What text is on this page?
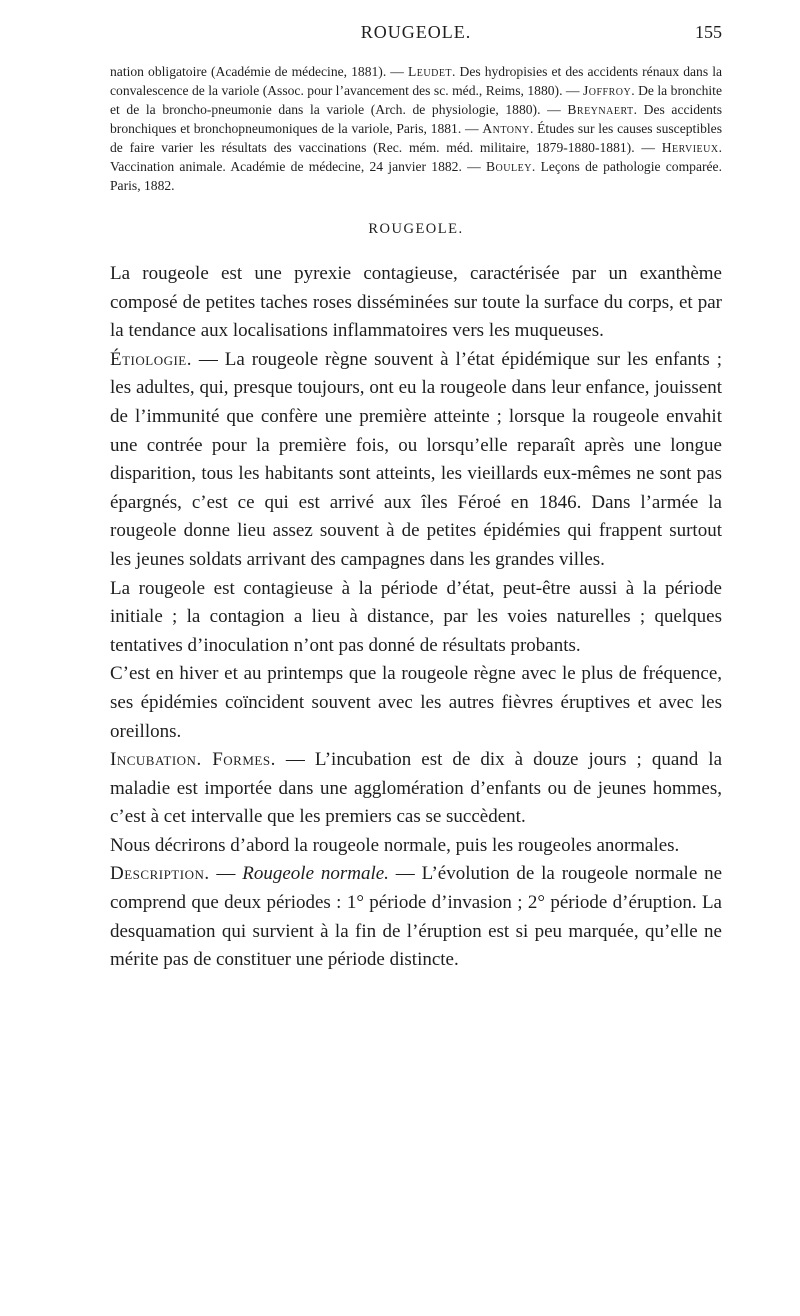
ROUGEOLE.	155

nation obligatoire (Académie de médecine, 1881). — Leudet. Des hydropisies et des accidents rénaux dans la convalescence de la variole (Assoc. pour l’avancement des sc. méd., Reims, 1880). — Joffroy. De la bronchite et de la broncho-pneumonie dans la variole (Arch. de physiologie, 1880). — Breynaert. Des accidents bronchiques et bronchopneumoniques de la variole, Paris, 1881. — Antony. Études sur les causes susceptibles de faire varier les résultats des vaccinations (Rec. mém. méd. militaire, 1879-1880-1881). — Hervieux. Vaccination animale. Académie de médecine, 24 janvier 1882. — Bouley. Leçons de pathologie comparée. Paris, 1882.

ROUGEOLE.

La rougeole est une pyrexie contagieuse, caractérisée par un exanthème composé de petites taches roses disséminées sur toute la surface du corps, et par la tendance aux localisations inflammatoires vers les muqueuses.

Étiologie. — La rougeole règne souvent à l’état épidémique sur les enfants ; les adultes, qui, presque toujours, ont eu la rougeole dans leur enfance, jouissent de l’immunité que confère une première atteinte ; lorsque la rougeole envahit une contrée pour la première fois, ou lorsqu’elle reparaît après une longue disparition, tous les habitants sont atteints, les vieillards eux-mêmes ne sont pas épargnés, c’est ce qui est arrivé aux îles Féroé en 1846. Dans l’armée la rougeole donne lieu assez souvent à de petites épidémies qui frappent surtout les jeunes soldats arrivant des campagnes dans les grandes villes.

La rougeole est contagieuse à la période d’état, peut-être aussi à la période initiale ; la contagion a lieu à distance, par les voies naturelles ; quelques tentatives d’inoculation n’ont pas donné de résultats probants.

C’est en hiver et au printemps que la rougeole règne avec le plus de fréquence, ses épidémies coïncident souvent avec les autres fièvres éruptives et avec les oreillons.

Incubation. Formes. — L’incubation est de dix à douze jours ; quand la maladie est importée dans une agglomération d’enfants ou de jeunes hommes, c’est à cet intervalle que les premiers cas se succèdent.

Nous décrirons d’abord la rougeole normale, puis les rougeoles anormales.

Description. — Rougeole normale. — L’évolution de la rougeole normale ne comprend que deux périodes : 1° période d’invasion ; 2° période d’éruption. La desquamation qui survient à la fin de l’éruption est si peu marquée, qu’elle ne mérite pas de constituer une période distincte.
